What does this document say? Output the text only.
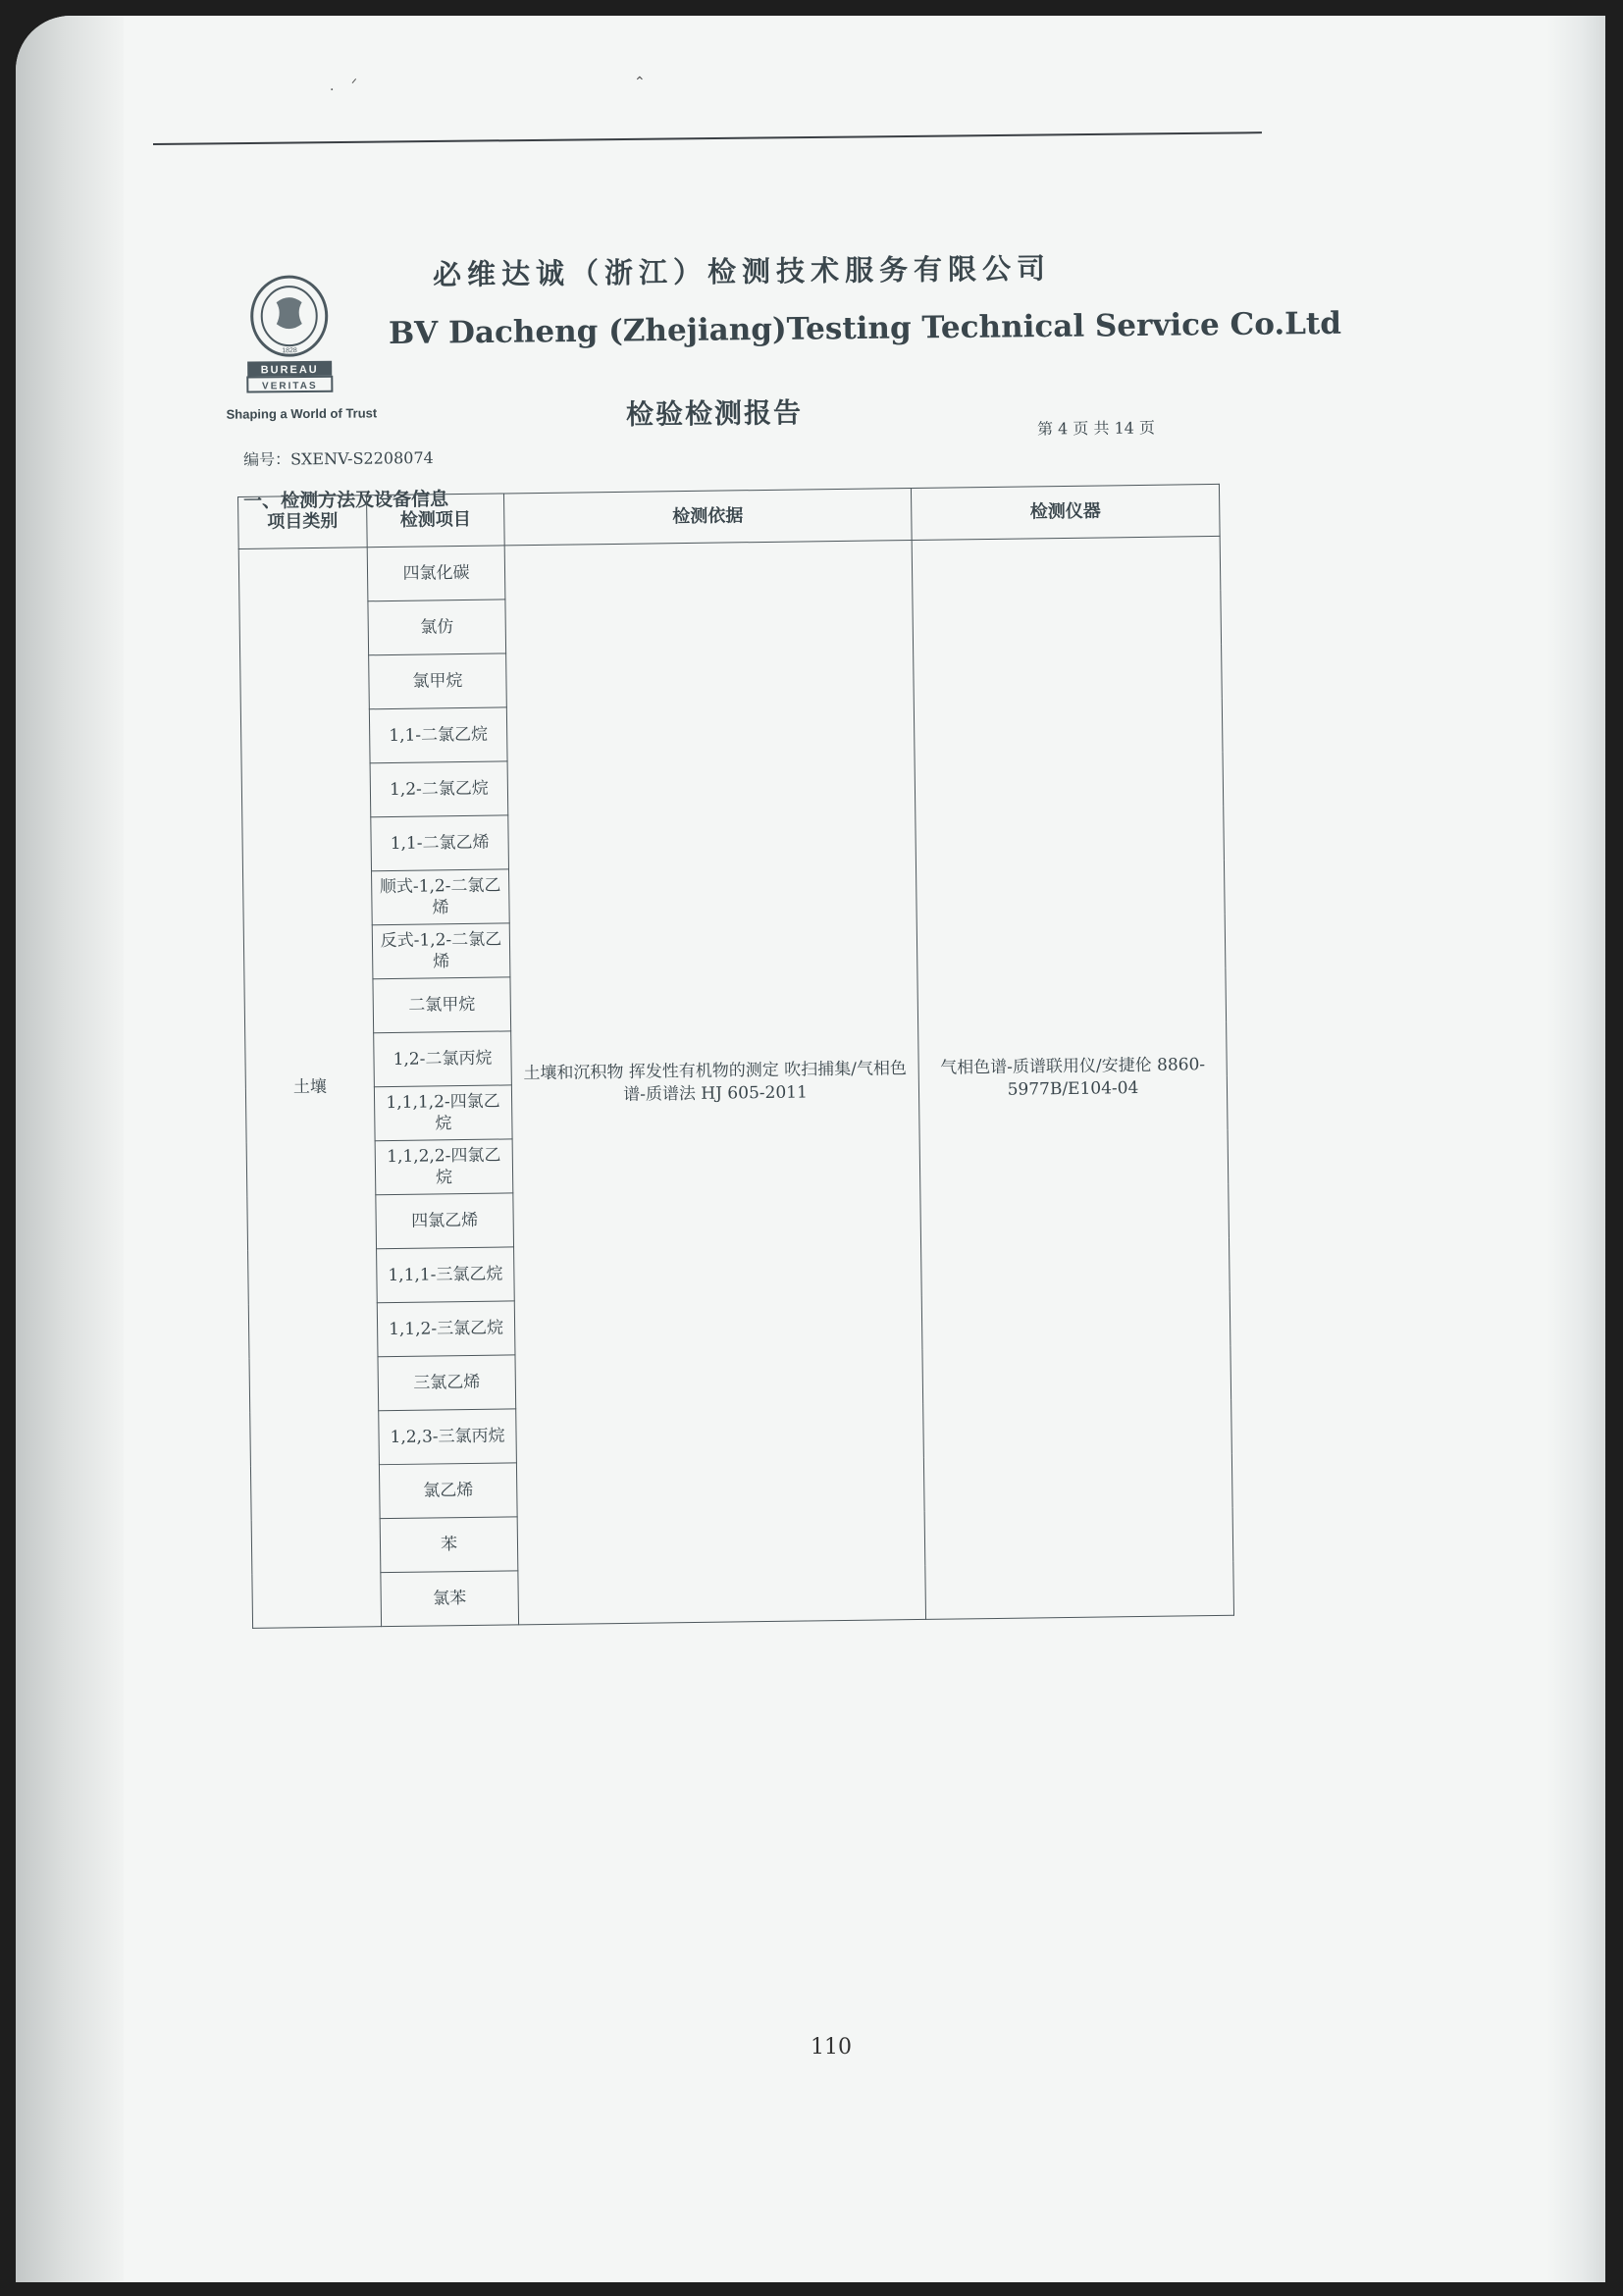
· ᐟ	⌃
BUREAU
VERITAS
1828
Shaping a World of Trust
必维达诚（浙江）检测技术服务有限公司
BV Dacheng (Zhejiang)Testing Technical Service Co.Ltd
检验检测报告	第 4 页 共 14 页
编号：SXENV-S2208074
一、检测方法及设备信息
项目类别	检测项目	检测依据	检测仪器
土壤	四氯化碳	土壤和沉积物 挥发性有机物的测定 吹扫捕集/气相色谱-质谱法 HJ 605-2011	气相色谱-质谱联用仪/安捷伦 8860-5977B/E104-04
	氯仿		
	氯甲烷		
	1,1-二氯乙烷		
	1,2-二氯乙烷		
	1,1-二氯乙烯		
	顺式-1,2-二氯乙烯		
	反式-1,2-二氯乙烯		
	二氯甲烷		
	1,2-二氯丙烷		
	1,1,1,2-四氯乙烷		
	1,1,2,2-四氯乙烷		
	四氯乙烯		
	1,1,1-三氯乙烷		
	1,1,2-三氯乙烷		
	三氯乙烯		
	1,2,3-三氯丙烷		
	氯乙烯		
	苯		
	氯苯		
110
